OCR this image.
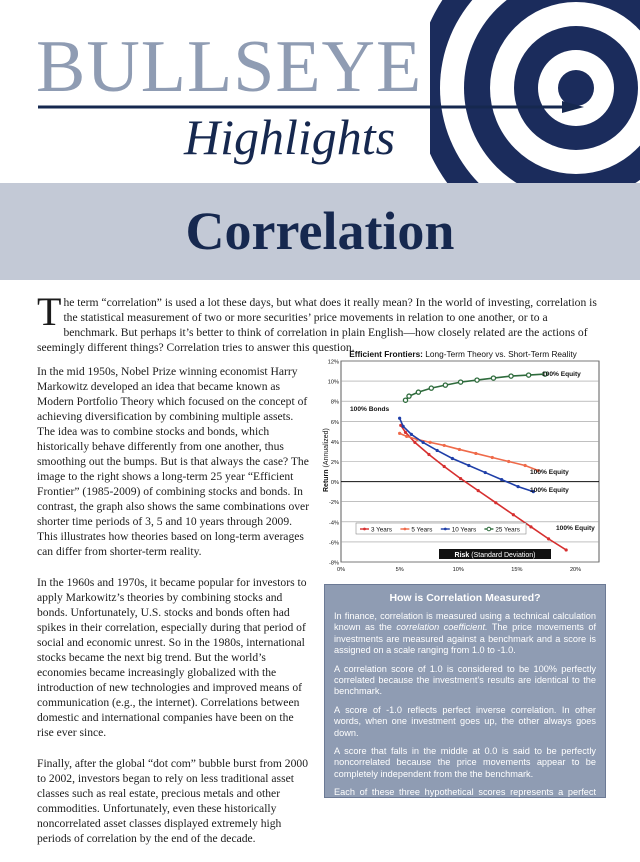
BULLSEYE
Highlights
Correlation
The term “correlation” is used a lot these days, but what does it really mean? In the world of investing, correlation is the statistical measurement of two or more securities’ price movements in relation to one another, or to a benchmark. But perhaps it’s better to think of correlation in plain English—how closely related are the actions of seemingly different things? Correlation tries to answer this question.

In the mid 1950s, Nobel Prize winning economist Harry Markowitz developed an idea that became known as Modern Portfolio Theory which focused on the concept of achieving diversification by combining multiple assets. The idea was to combine stocks and bonds, which historically behave differently from one another, thus smoothing out the bumps. But is that always the case? The image to the right shows a long-term 25 year “Efficient Frontier” (1985-2009) of combining stocks and bonds. In contrast, the graph also shows the same combinations over shorter time periods of 3, 5 and 10 years through 2009. This illustrates how theories based on long-term averages can differ from shorter-term reality.

In the 1960s and 1970s, it became popular for investors to apply Markowitz’s theories by combining stocks and bonds. Unfortunately, U.S. stocks and bonds often had spikes in their correlation, especially during that period of social and economic unrest. So in the 1980s, international stocks became the next big trend. But the world’s economies became increasingly globalized with the introduction of new technologies and improved means of communication (e.g., the internet). Correlations between domestic and international companies have been on the rise ever since.

Finally, after the global “dot com” bubble burst from 2000 to 2002, investors began to rely on less traditional asset classes such as real estate, precious metals and other commodities. Unfortunately, even these historically noncorrelated asset classes displayed extremely high periods of correlation by the end of the decade.

Efficient Frontiers: Long-Term Theory vs. Short-Term Reality
12%
10%
8%
6%
4%
2%
0%
-2%
-4%
-6%
-8%
0%	5%	10%	15%	20%
Return (Annualized)
Risk (Standard Deviation)
100% Equity
100% Bonds
100% Equity
100% Equity
100% Equity
3 Years	5 Years	10 Years	25 Years
How is Correlation Measured?

In finance, correlation is measured using a technical calculation known as the correlation coefficient. The price movements of investments are measured against a benchmark and a score is assigned on a scale ranging from 1.0 to -1.0.

A correlation score of 1.0 is considered to be 100% perfectly correlated because the investment’s results are identical to the benchmark.

A score of -1.0 reflects perfect inverse correlation. In other words, when one investment goes up, the other always goes down.

A score that falls in the middle at 0.0 is said to be perfectly noncorrelated because the price movements appear to be completely independent from the the benchmark.

Each of these three hypothetical scores represents a perfect scenario. In the real world, actual investments generally fall somewhere in between and often move around on the scale.
